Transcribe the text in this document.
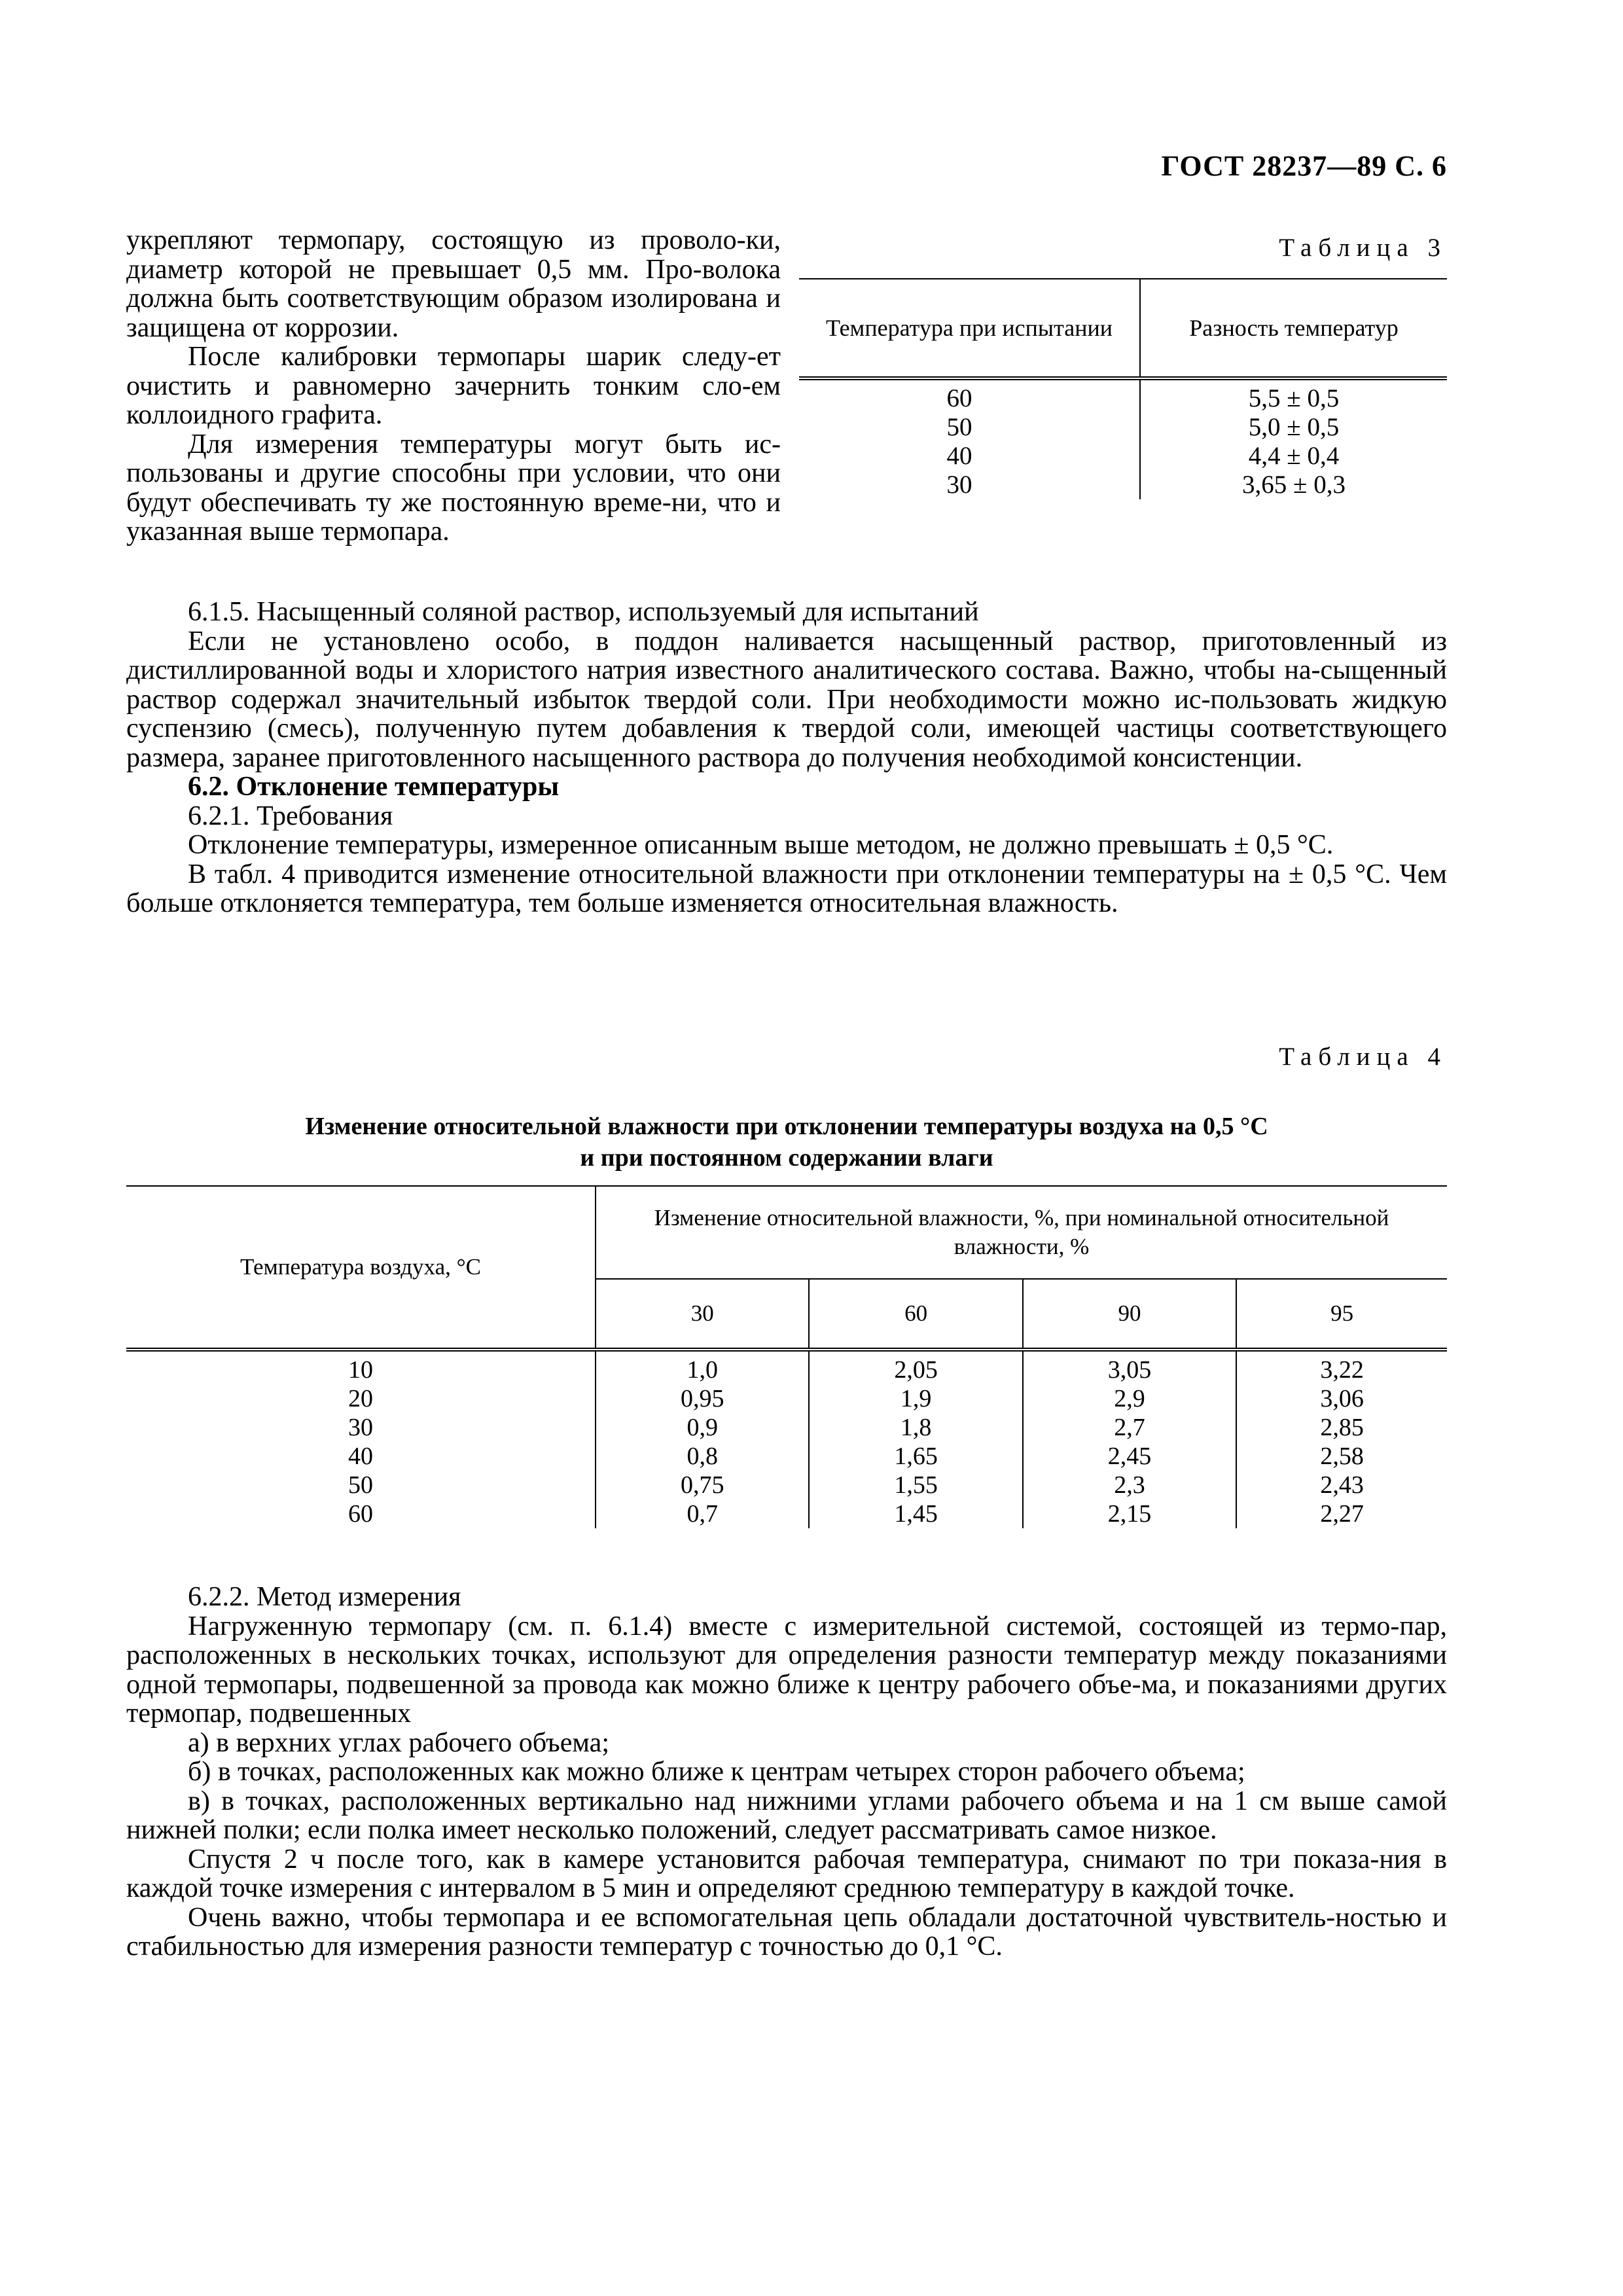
ГОСТ 28237—89 С. 6

укрепляют термопару, состоящую из проволо-ки, диаметр которой не превышает 0,5 мм. Про-волока должна быть соответствующим образом изолирована и защищена от коррозии.

После калибровки термопары шарик следу-ет очистить и равномерно зачернить тонким сло-ем коллоидного графита.

Для измерения температуры могут быть ис-пользованы и другие способны при условии, что они будут обеспечивать ту же постоянную време-ни, что и указанная выше термопара.

Таблица 3
Температура при испытании	Разность температур
60	5,5 ± 0,5
50	5,0 ± 0,5
40	4,4 ± 0,4
30	3,65 ± 0,3

6.1.5. Насыщенный соляной раствор, используемый для испытаний

Если не установлено особо, в поддон наливается насыщенный раствор, приготовленный из дистиллированной воды и хлористого натрия известного аналитического состава. Важно, чтобы на-сыщенный раствор содержал значительный избыток твердой соли. При необходимости можно ис-пользовать жидкую суспензию (смесь), полученную путем добавления к твердой соли, имеющей частицы соответствующего размера, заранее приготовленного насыщенного раствора до получения необходимой консистенции.

6.2. Отклонение температуры

6.2.1. Требования

Отклонение температуры, измеренное описанным выше методом, не должно превышать ± 0,5 °С.

В табл. 4 приводится изменение относительной влажности при отклонении температуры на ± 0,5 °С. Чем больше отклоняется температура, тем больше изменяется относительная влажность.

Таблица 4
Изменение относительной влажности при отклонении температуры воздуха на 0,5 °С
и при постоянном содержании влаги
Температура воздуха, °С	Изменение относительной влажности, %, при номинальной относительной влажности, %			
	30	60	90	95
10	1,0	2,05	3,05	3,22
20	0,95	1,9	2,9	3,06
30	0,9	1,8	2,7	2,85
40	0,8	1,65	2,45	2,58
50	0,75	1,55	2,3	2,43
60	0,7	1,45	2,15	2,27

6.2.2. Метод измерения

Нагруженную термопару (см. п. 6.1.4) вместе с измерительной системой, состоящей из термо-пар, расположенных в нескольких точках, используют для определения разности температур между показаниями одной термопары, подвешенной за провода как можно ближе к центру рабочего объе-ма, и показаниями других термопар, подвешенных

а) в верхних углах рабочего объема;

б) в точках, расположенных как можно ближе к центрам четырех сторон рабочего объема;

в) в точках, расположенных вертикально над нижними углами рабочего объема и на 1 см выше самой нижней полки; если полка имеет несколько положений, следует рассматривать самое низкое.

Спустя 2 ч после того, как в камере установится рабочая температура, снимают по три показа-ния в каждой точке измерения с интервалом в 5 мин и определяют среднюю температуру в каждой точке.

Очень важно, чтобы термопара и ее вспомогательная цепь обладали достаточной чувствитель-ностью и стабильностью для измерения разности температур с точностью до 0,1 °С.
